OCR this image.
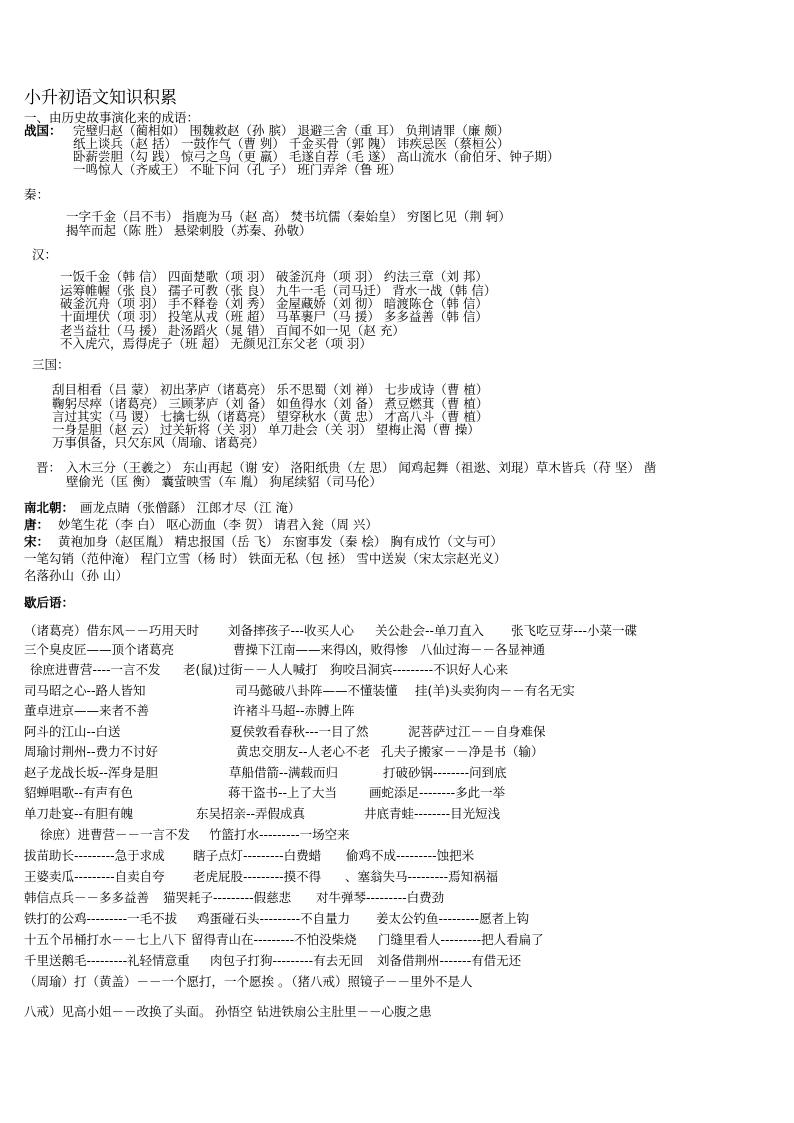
小升初语文知识积累
一、由历史故事演化来的成语：
战国： 完璧归赵（蔺相如） 围魏救赵（孙 膑） 退避三舍（重 耳） 负荆请罪（廉 颇）
纸上谈兵（赵 括） 一鼓作气（曹 刿） 千金买骨（郭 隗） 讳疾忌医（蔡桓公）
卧薪尝胆（勾 践） 惊弓之鸟（更 羸） 毛遂自荐（毛 遂） 高山流水（俞伯牙、钟子期）
一鸣惊人（齐威王） 不耻下问（孔 子） 班门弄斧（鲁 班）
秦：
一字千金（吕不韦） 指鹿为马（赵 高） 焚书坑儒（秦始皇） 穷图匕见（荆 轲）
揭竿而起（陈 胜） 悬梁刺股（苏秦、孙敬）
汉：
一饭千金（韩 信） 四面楚歌（项 羽） 破釜沉舟（项 羽） 约法三章（刘 邦）
运筹帷幄（张 良） 孺子可教（张 良） 九牛一毛（司马迁） 背水一战（韩 信）
破釜沉舟（项 羽） 手不释卷（刘 秀） 金屋藏娇（刘 彻） 暗渡陈仓（韩 信）
十面埋伏（项 羽） 投笔从戎（班 超） 马革裹尸（马 援） 多多益善（韩 信）
老当益壮（马 援） 赴汤蹈火（晁 错） 百闻不如一见（赵 充）
不入虎穴，焉得虎子（班 超） 无颜见江东父老（项 羽）
三国：
刮目相看（吕 蒙） 初出茅庐（诸葛亮） 乐不思蜀（刘 禅） 七步成诗（曹 植）
鞠躬尽瘁（诸葛亮） 三顾茅庐（刘 备） 如鱼得水（刘 备） 煮豆燃萁（曹 植）
言过其实（马 谡） 七擒七纵（诸葛亮） 望穿秋水（黄 忠） 才高八斗（曹 植）
一身是胆（赵 云） 过关斩将（关 羽） 单刀赴会（关 羽） 望梅止渴（曹 操）
万事俱备，只欠东风（周瑜、诸葛亮）
晋： 入木三分（王羲之） 东山再起（谢 安） 洛阳纸贵（左 思） 闻鸡起舞（祖逖、刘琨）草木皆兵（苻 坚） 凿
壁偷光（匡 衡） 囊萤映雪（车 胤） 狗尾续貂（司马伦）
南北朝： 画龙点睛（张僧繇） 江郎才尽（江 淹）
唐： 妙笔生花（李 白） 呕心沥血（李 贺） 请君入瓮（周 兴）
宋： 黄袍加身（赵匡胤） 精忠报国（岳 飞） 东窗事发（秦 桧） 胸有成竹（文与可）
一笔勾销（范仲淹） 程门立雪（杨 时） 铁面无私（包 拯） 雪中送炭（宋太宗赵光义）
名落孙山（孙 山）
歇后语：
（诸葛亮）借东风－－巧用天时 刘备摔孩子---收买人心 关公赴会--单刀直入 张飞吃豆芽---小菜一碟
三个臭皮匠——顶个诸葛亮	曹操下江南——来得凶，败得惨 八仙过海－－各显神通
徐庶进曹营----一言不发 老(鼠)过街－－人人喊打 狗咬吕洞宾---------不识好人心来
司马昭之心--路人皆知	司马懿破八卦阵——不懂装懂 挂(羊)头卖狗肉－－有名无实
董卓进京——来者不善	许褚斗马超--赤膊上阵
阿斗的江山--白送	夏侯敦看春秋---一目了然	泥菩萨过江－－自身难保
周瑜讨荆州--费力不讨好	黄忠交朋友--人老心不老 孔夫子搬家－－净是书（输）
赵子龙战长坂--浑身是胆	草船借箭--满载而归	打破砂锅--------问到底
貂蝉唱歌--有声有色	蒋干盗书--上了大当	画蛇添足--------多此一举
单刀赴宴--有胆有魄	东吴招亲--弄假成真	井底青蛙--------目光短浅
徐庶）进曹营－－一言不发 竹篮打水---------一场空来
拔苗助长---------急于求成 瞎子点灯---------白费蜡 偷鸡不成---------蚀把米
王婆卖瓜---------自卖自夸 老虎屁股---------摸不得 、塞翁失马---------焉知祸福
韩信点兵－－多多益善 猫哭耗子---------假慈悲 对牛弹琴---------白费劲
铁打的公鸡---------一毛不拔 鸡蛋碰石头---------不自量力 姜太公钓鱼---------愿者上钩
十五个吊桶打水－－七上八下 留得青山在---------不怕没柴烧 门缝里看人---------把人看扁了
千里送鹅毛---------礼轻情意重 肉包子打狗---------有去无回 刘备借荆州-------有借无还
（周瑜）打（黄盖）－－一个愿打，一个愿挨 。
（猪八戒）照镜子－－里外不是人
八戒）见高小姐－－改换了头面。 孙悟空 钻进铁扇公主肚里－－心腹之患
